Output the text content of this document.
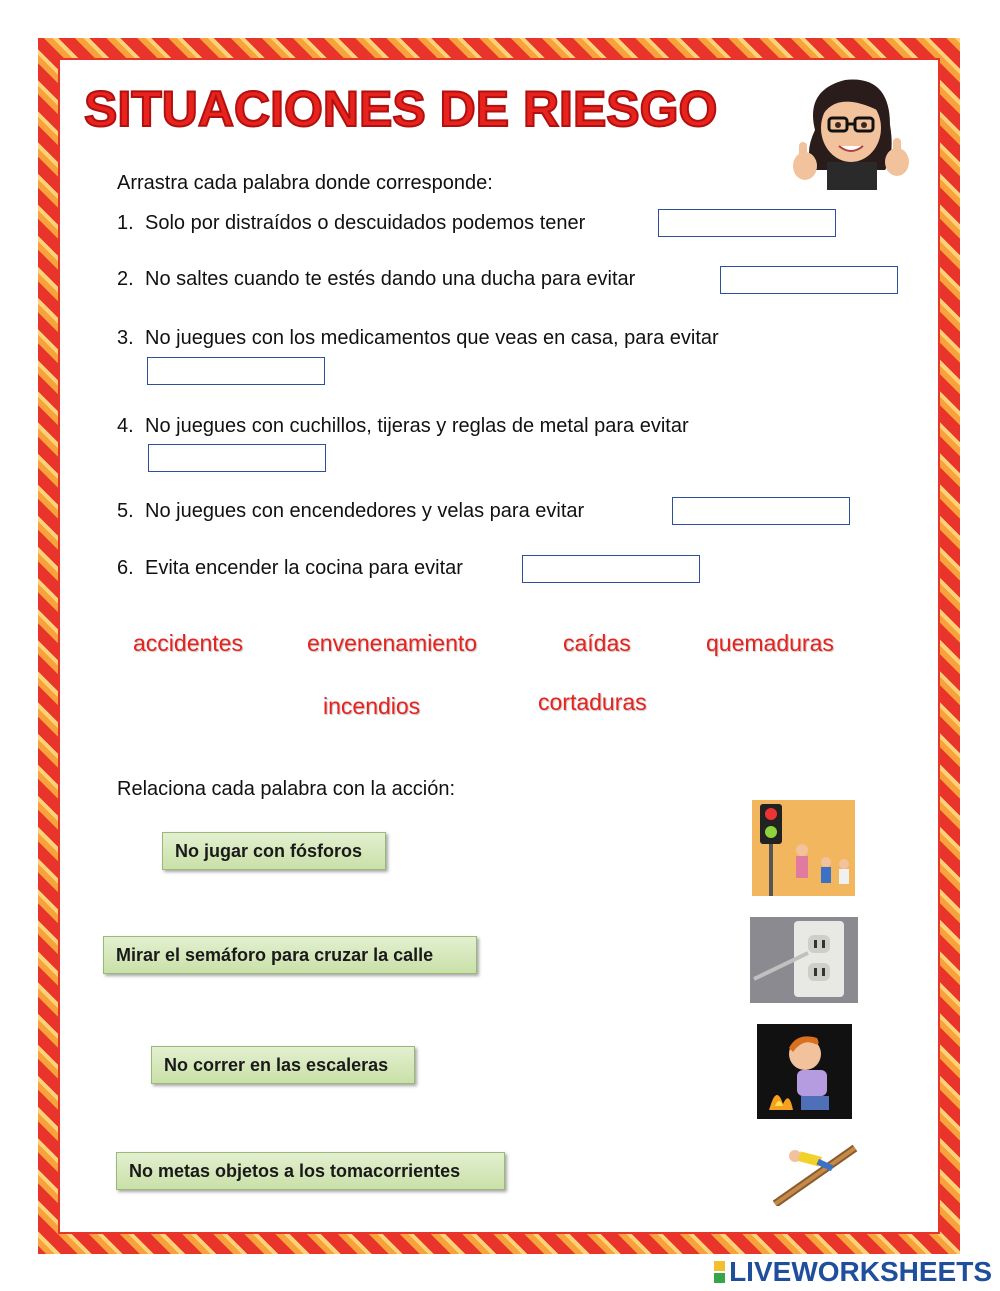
SITUACIONES DE RIESGO
Arrastra cada palabra donde corresponde:
1. Solo por distraídos o descuidados podemos tener
2. No saltes cuando te estés dando una ducha para evitar
3. No juegues con los medicamentos que veas en casa, para evitar
4. No juegues con cuchillos, tijeras y reglas de metal para evitar
5. No juegues con encendedores y velas para evitar
6. Evita encender la cocina para evitar
accidentes	envenenamiento	caídas	quemaduras
incendios	cortaduras
Relaciona cada palabra con la acción:
No jugar con fósforos
Mirar el semáforo para cruzar la calle
No correr en las escaleras
No metas objetos a los tomacorrientes
LIVEWORKSHEETS
